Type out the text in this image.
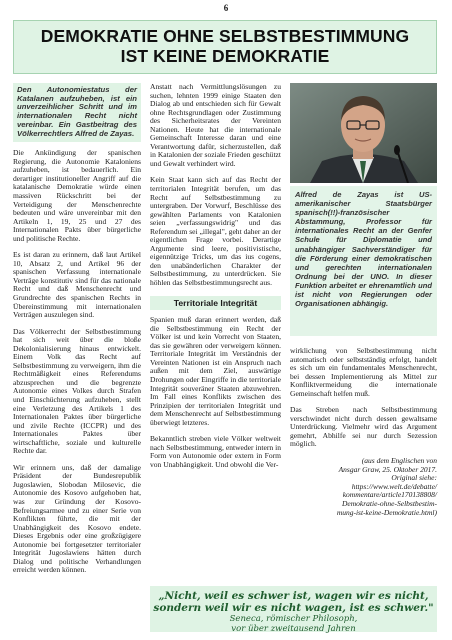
6
DEMOKRATIE OHNE SELBSTBESTIMMUNG
IST KEINE DEMOKRATIE
Den Autonomiestatus der Katalanen aufzuheben, ist ein unverzeihlicher Schritt und im internationalen Recht nicht vereinbar. Ein Gastbeitrag des Völkerrechtlers Alfred de Zayas.

Die Ankündigung der spanischen Regierung, die Autonomie Kataloniens aufzuheben, ist bedauerlich. Ein derartiger institutioneller Angriff auf die katalanische Demokratie würde einen massiven Rückschritt bei der Verteidigung der Menschenrechte bedeuten und wäre unvereinbar mit den Artikeln 1, 19, 25 und 27 des Internationalen Pakts über bürgerliche und politische Rechte.

Es ist daran zu erinnern, daß laut Artikel 10, Absatz 2, und Artikel 96 der spanischen Verfassung internationale Verträge konstitutiv sind für das nationale Recht und daß Menschenrecht und Grundrechte des spanischen Rechts in Übereinstimmung mit internationalen Verträgen auszulegen sind.

Das Völkerrecht der Selbstbestimmung hat sich weit über die bloße Dekolonialisierung hinaus entwickelt. Einem Volk das Recht auf Selbstbestimmung zu verweigern, ihm die Rechtmäßigkeit eines Referendums abzusprechen und die begrenzte Autonomie eines Volkes durch Strafen und Einschüchterung aufzuheben, stellt eine Verletzung des Artikels 1 des Internationalen Paktes über bürgerliche und zivile Rechte (ICCPR) und des Internationales Paktes über wirtschaftliche, soziale und kulturelle Rechte dar.

Wir erinnern uns, daß der damalige Präsident der Bundesrepublik Jugoslawien, Slobodan Milosevic, die Autonomie des Kosovo aufgehoben hat, was zur Gründung der Kosovo-Befreiungsarmee und zu einer Serie von Konflikten führte, die mit der Unabhängigkeit des Kosovo endete. Dieses Ergebnis oder eine großzügigere Autonomie bei fortgesetzter territorialer Integrität Jugoslawiens hätten durch Dialog und politische Verhandlungen erreicht werden können.

Anstatt nach Vermittlungslösungen zu suchen, lehnten 1999 einige Staaten den Dialog ab und entschieden sich für Gewalt ohne Rechtsgrundlagen oder Zustimmung des Sicherheitsrates der Vereinten Nationen. Heute hat die internationale Gemeinschaft Interesse daran und eine Verantwortung dafür, sicherzustellen, daß in Katalonien der soziale Frieden geschützt und Gewalt verhindert wird.

Kein Staat kann sich auf das Recht der territorialen Integrität berufen, um das Recht auf Selbstbestimmung zu untergraben. Der Vorwurf, Beschlüsse des gewählten Parlaments von Katalonien seien „verfassungswidrig" und das Referendum sei „illegal", geht daher an der eigentlichen Frage vorbei. Derartige Argumente sind leere, positivistische, eigennützige Tricks, um das ius cogens, den unabänderlichen Charakter der Selbstbestimmung, zu unterdrücken. Sie höhlen das Selbstbestimmungsrecht aus.

Territoriale Integrität

Spanien muß daran erinnert werden, daß die Selbstbestimmung ein Recht der Völker ist und kein Vorrecht von Staaten, das sie gewähren oder verweigern können. Territoriale Integrität im Verständnis der Vereinten Nationen ist ein Anspruch nach außen mit dem Ziel, auswärtige Drohungen oder Eingriffe in die territoriale Integrität souveräner Staaten abzuwehren. Im Fall eines Konflikts zwischen des Prinzipien der territorialen Integrität und dem Menschenrecht auf Selbstbestimmung überwiegt letzteres.

Bekanntlich streben viele Völker weltweit nach Selbstbestimmung, entweder intern in Form von Autonomie oder extern in Form von Unabhängigkeit. Und obwohl die Ver-

Alfred de Zayas ist US-amerikanischer Staatsbürger spanisch(!!)-französischer Abstammung, Professor für internationales Recht an der Genfer Schule für Diplomatie und unabhängiger Sachverständiger für die Förderung einer demokratischen und gerechten internationalen Ordnung bei der UNO. In dieser Funktion arbeitet er ehrenamtlich und ist nicht von Regierungen oder Organisationen abhängig.

wirklichung von Selbstbestimmung nicht automatisch oder selbstständig erfolgt, handelt es sich um ein fundamentales Menschenrecht, bei dessen Implementierung als Mittel zur Konfliktvermeidung die internationale Gemeinschaft helfen muß.

Das Streben nach Selbstbestimmung verschwindet nicht durch dessen gewaltsame Unterdrückung. Vielmehr wird das Argument gemehrt, Abhilfe sei nur durch Sezession möglich.

(aus dem Englischen von
Ansgar Graw, 25. Oktober 2017.
Original siehe:
https://www.welt.de/debatte/
kommentare/article170138808/
Demokratie-ohne-Selbstbestim-
mung-ist-keine-Demokratie.html)
„Nicht, weil es schwer ist, wagen wir es nicht,
sondern weil wir es nicht wagen, ist es schwer."
Seneca, römischer Philosoph,
vor über zweitausend Jahren
